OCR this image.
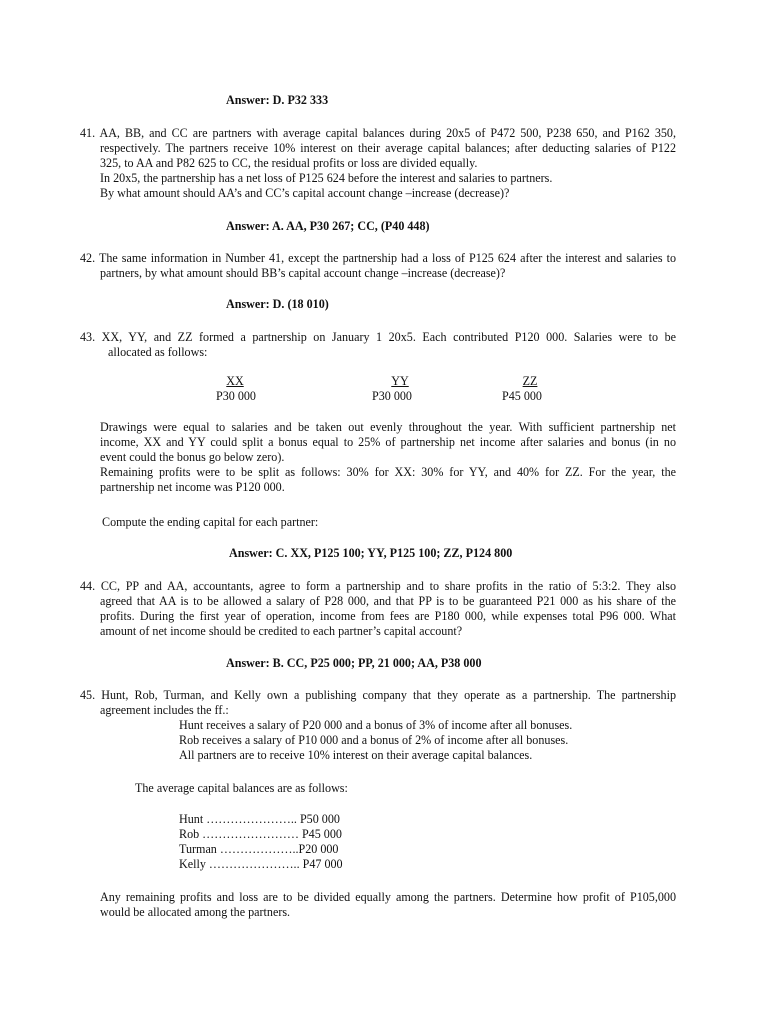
Answer: D. P32 333
41. AA, BB, and CC are partners with average capital balances during 20x5 of P472 500, P238 650, and P162 350,
respectively. The partners receive 10% interest on their average capital balances; after deducting salaries of P122
325, to AA and P82 625 to CC, the residual profits or loss are divided equally.
In 20x5, the partnership has a net loss of P125 624 before the interest and salaries to partners.
By what amount should AA’s and CC’s capital account change –increase (decrease)?
Answer: A. AA, P30 267; CC, (P40 448)
42. The same information in Number 41, except the partnership had a loss of P125 624 after the interest and salaries to
partners, by what amount should BB’s capital account change –increase (decrease)?
Answer: D. (18 010)
43. XX, YY, and ZZ formed a partnership on January 1 20x5. Each contributed P120 000. Salaries were to be
allocated as follows:
XX	YY	ZZ
P30 000	P30 000	P45 000
Drawings were equal to salaries and be taken out evenly throughout the year. With sufficient partnership net
income, XX and YY could split a bonus equal to 25% of partnership net income after salaries and bonus (in no
event could the bonus go below zero).
Remaining profits were to be split as follows: 30% for XX: 30% for YY, and 40% for ZZ. For the year, the
partnership net income was P120 000.
Compute the ending capital for each partner:
Answer: C. XX, P125 100; YY, P125 100; ZZ, P124 800
44. CC, PP and AA, accountants, agree to form a partnership and to share profits in the ratio of 5:3:2. They also
agreed that AA is to be allowed a salary of P28 000, and that PP is to be guaranteed P21 000 as his share of the
profits. During the first year of operation, income from fees are P180 000, while expenses total P96 000. What
amount of net income should be credited to each partner’s capital account?
Answer: B. CC, P25 000; PP, 21 000; AA, P38 000
45. Hunt, Rob, Turman, and Kelly own a publishing company that they operate as a partnership. The partnership
agreement includes the ff.:
Hunt receives a salary of P20 000 and a bonus of 3% of income after all bonuses.
Rob receives a salary of P10 000 and a bonus of 2% of income after all bonuses.
All partners are to receive 10% interest on their average capital balances.
The average capital balances are as follows:
Hunt ………………….. P50 000
Rob …………………… P45 000
Turman ………………..P20 000
Kelly ………………….. P47 000
Any remaining profits and loss are to be divided equally among the partners. Determine how profit of P105,000
would be allocated among the partners.
